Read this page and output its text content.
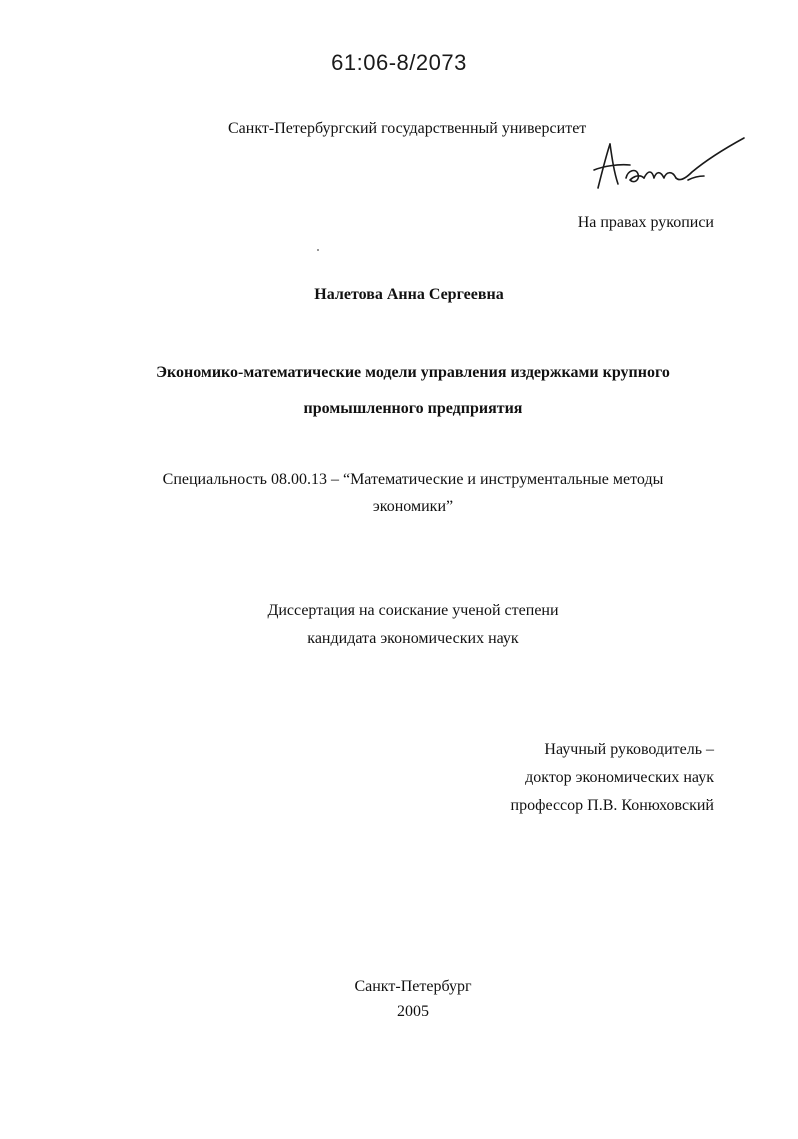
61:06-8/2073
Санкт-Петербургский государственный университет
На правах рукописи
Налетова Анна Сергеевна
Экономико-математические модели управления издержками крупного
промышленного предприятия
Специальность 08.00.13 – “Математические и инструментальные методы
экономики”
Диссертация на соискание ученой степени
кандидата экономических наук
Научный руководитель –
доктор экономических наук
профессор П.В. Конюховский
Санкт-Петербург
2005
